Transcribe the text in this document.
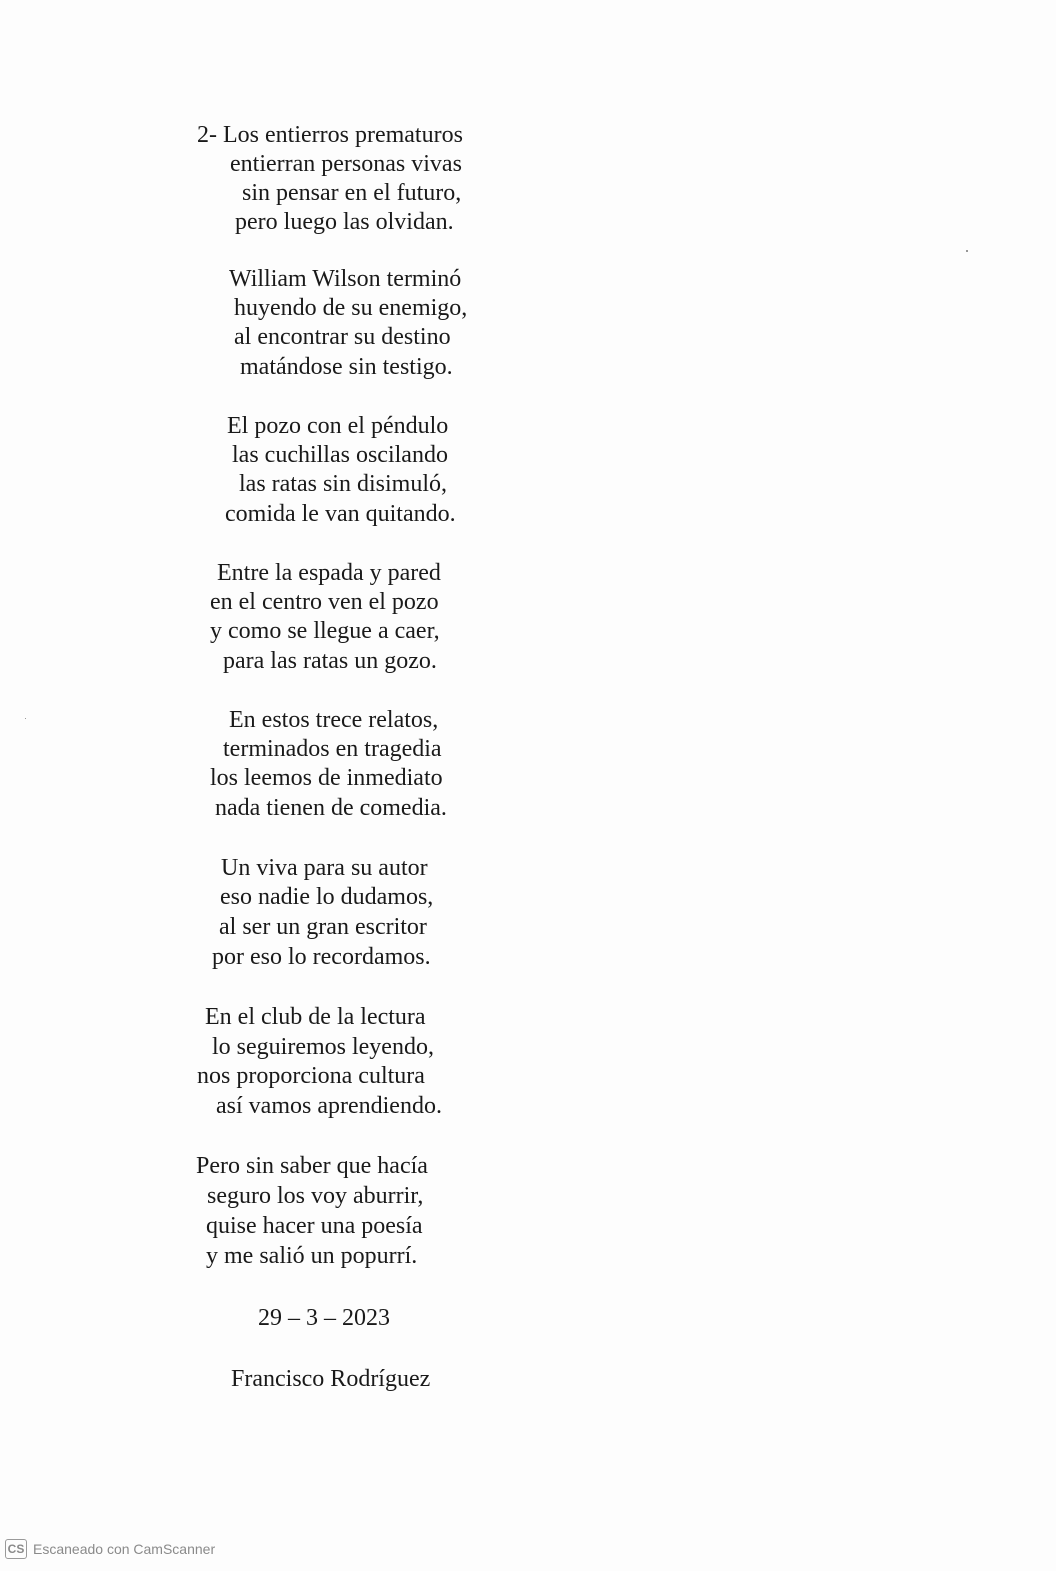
2- Los entierros prematuros
entierran personas vivas
sin pensar en el futuro,
pero luego las olvidan.
William Wilson terminó
huyendo de su enemigo,
al encontrar su destino
matándose sin testigo.
El pozo con el péndulo
las cuchillas oscilando
las ratas sin disimuló,
comida le van quitando.
Entre la espada y pared
en el centro ven el pozo
y como se llegue a caer,
para las ratas un gozo.
En estos trece relatos,
terminados en tragedia
los leemos de inmediato
nada tienen de comedia.
Un viva para su autor
eso nadie lo dudamos,
al ser un gran escritor
por eso lo recordamos.
En el club de la lectura
lo seguiremos leyendo,
nos proporciona cultura
así vamos aprendiendo.
Pero sin saber que hacía
seguro los voy aburrir,
quise hacer una poesía
y me salió un popurrí.
29 – 3 – 2023
Francisco Rodríguez
CS Escaneado con CamScanner
